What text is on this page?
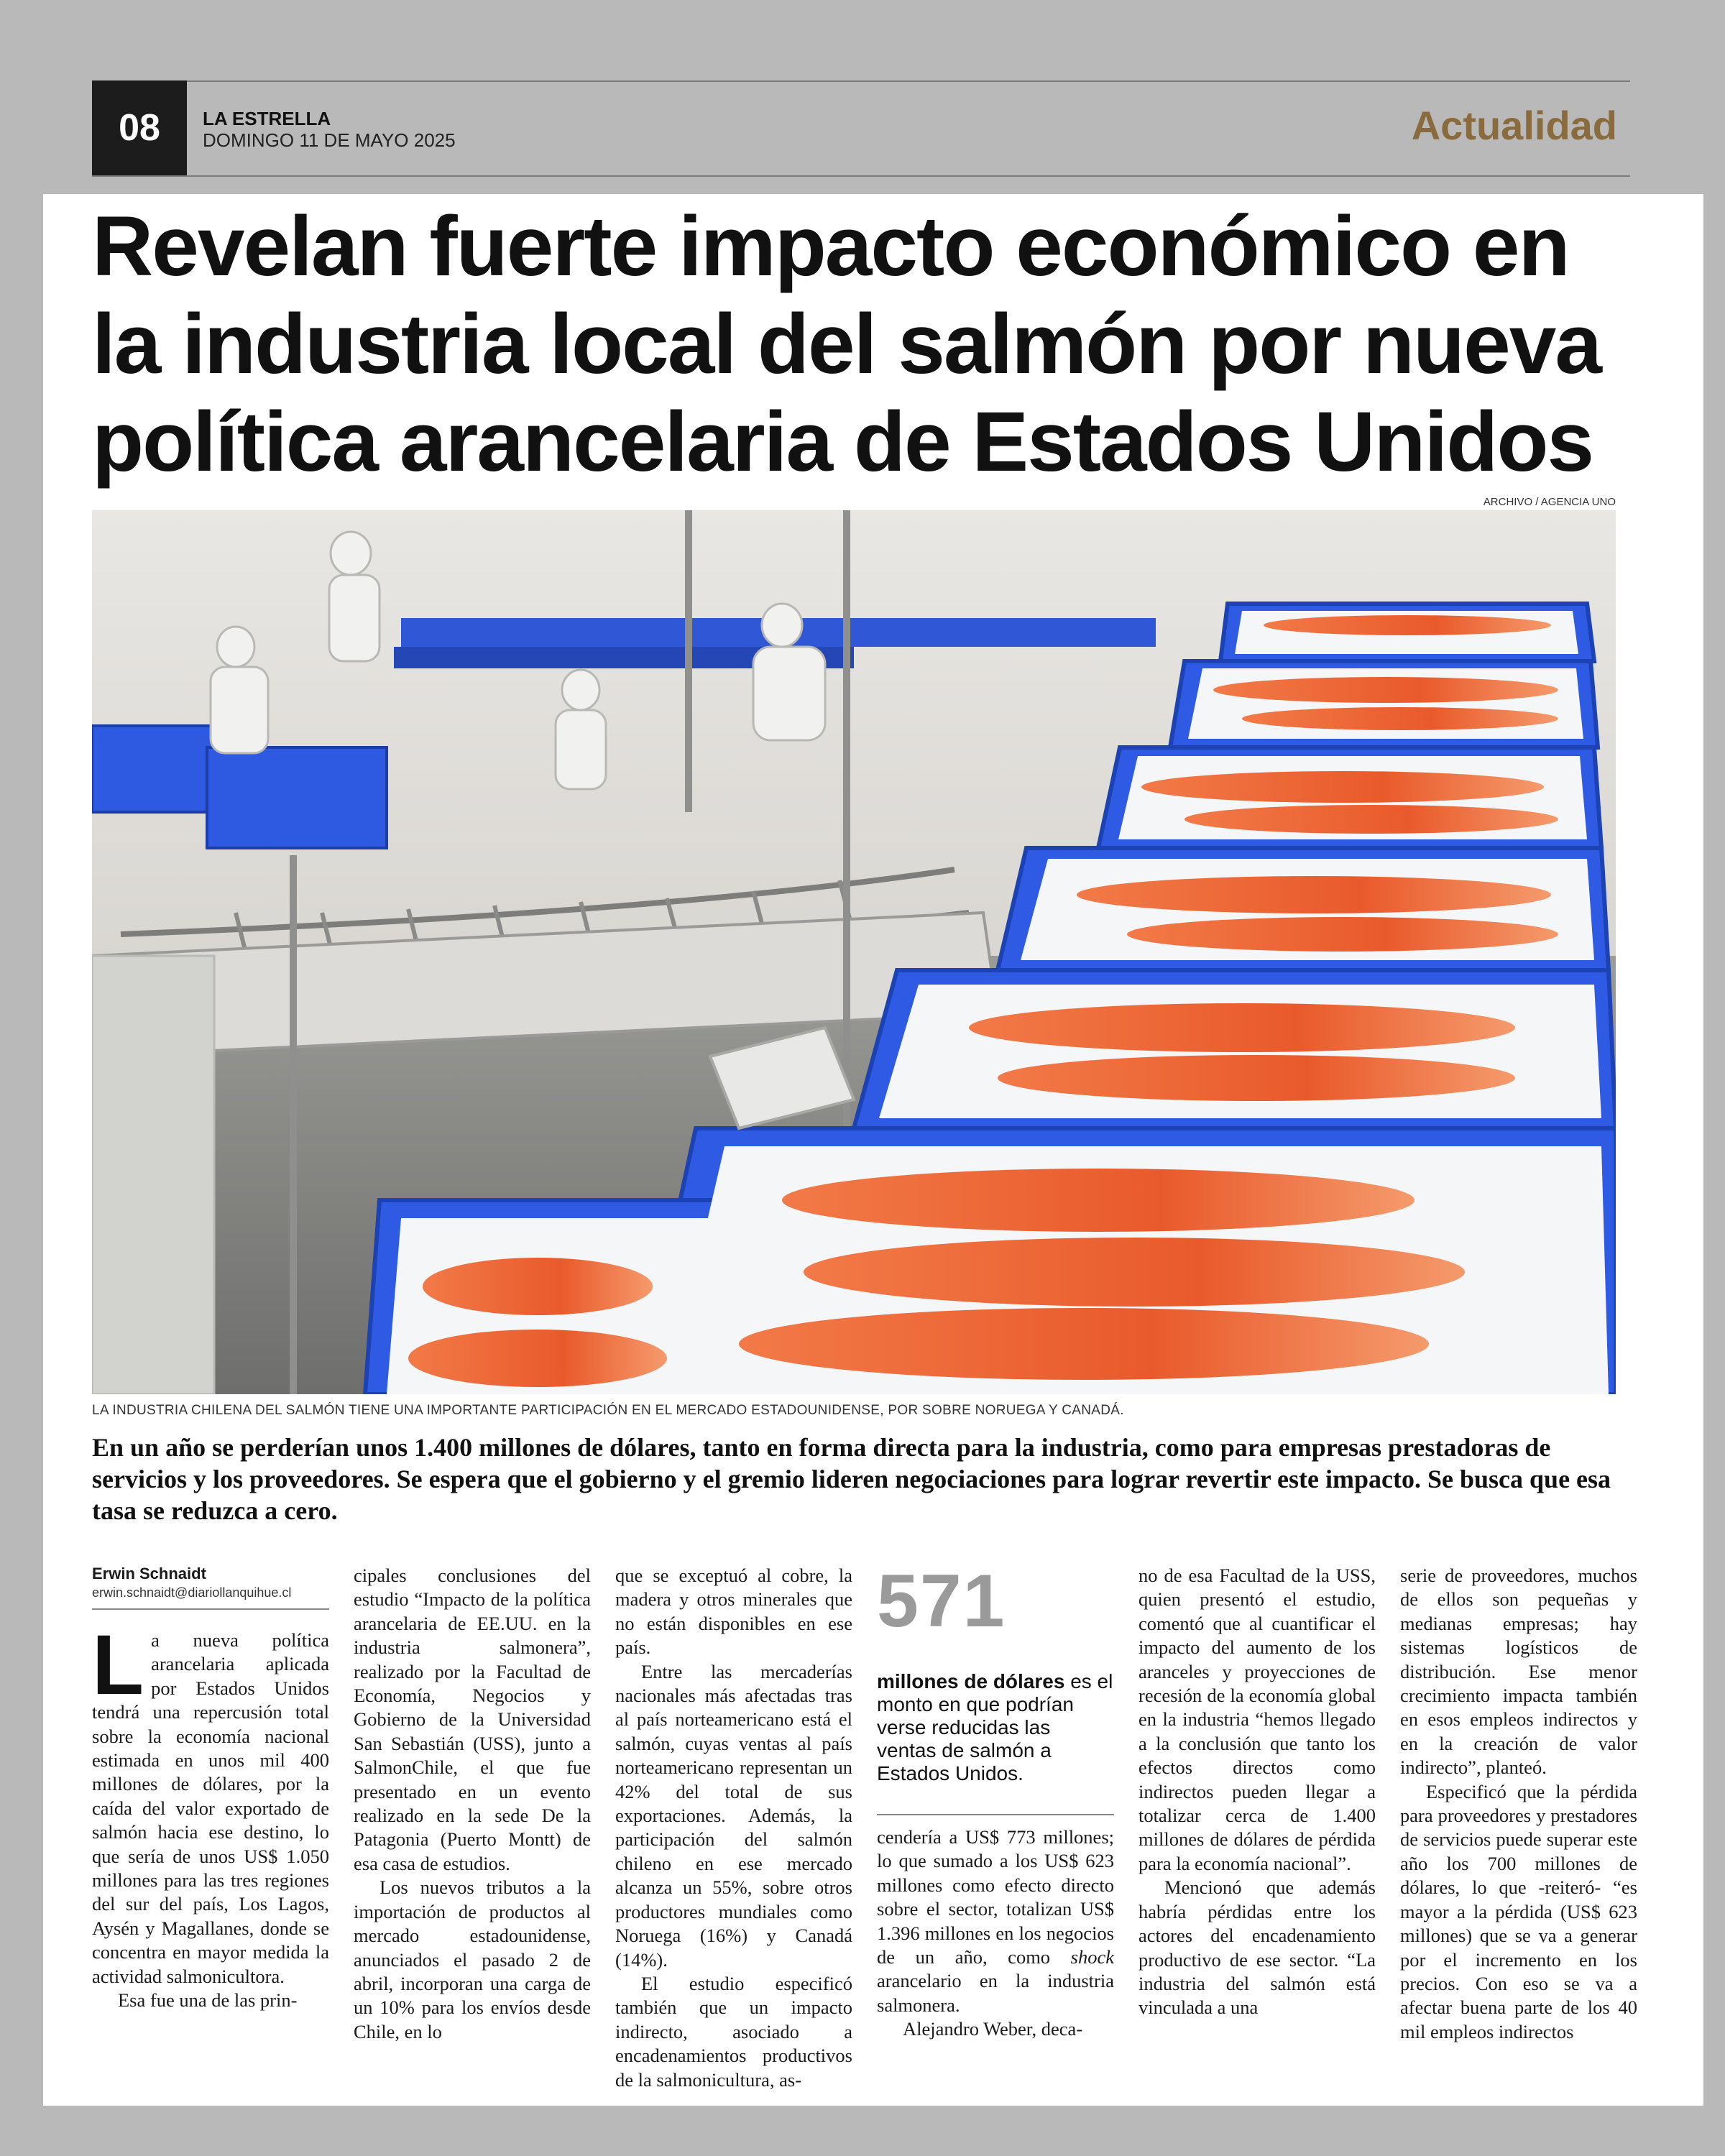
08	LA ESTRELLA
DOMINGO 11 DE MAYO 2025	Actualidad
Revelan fuerte impacto económico en la industria local del salmón por nueva política arancelaria de Estados Unidos
ARCHIVO / AGENCIA UNO
LA INDUSTRIA CHILENA DEL SALMÓN TIENE UNA IMPORTANTE PARTICIPACIÓN EN EL MERCADO ESTADOUNIDENSE, POR SOBRE NORUEGA Y CANADÁ.

En un año se perderían unos 1.400 millones de dólares, tanto en forma directa para la industria, como para empresas prestadoras de servicios y los proveedores. Se espera que el gobierno y el gremio lideren negociaciones para lograr revertir este impacto. Se busca que esa tasa se reduzca a cero.

Erwin Schnaidt
erwin.schnaidt@diariollanquihue.cl

La nueva política arancelaria aplicada por Estados Unidos tendrá una repercusión total sobre la economía nacional estimada en unos mil 400 millones de dólares, por la caída del valor exportado de salmón hacia ese destino, lo que sería de unos US$ 1.050 millones para las tres regiones del sur del país, Los Lagos, Aysén y Magallanes, donde se concentra en mayor medida la actividad salmonicultora.

Esa fue una de las prin-

cipales conclusiones del estudio “Impacto de la política arancelaria de EE.UU. en la industria salmonera”, realizado por la Facultad de Economía, Negocios y Gobierno de la Universidad San Sebastián (USS), junto a SalmonChile, el que fue presentado en un evento realizado en la sede De la Patagonia (Puerto Montt) de esa casa de estudios.

Los nuevos tributos a la importación de productos al mercado estadounidense, anunciados el pasado 2 de abril, incorporan una carga de un 10% para los envíos desde Chile, en lo

que se exceptuó al cobre, la madera y otros minerales que no están disponibles en ese país.

Entre las mercaderías nacionales más afectadas tras al país norteamericano está el salmón, cuyas ventas al país norteamericano representan un 42% del total de sus exportaciones. Además, la participación del salmón chileno en ese mercado alcanza un 55%, sobre otros productores mundiales como Noruega (16%) y Canadá (14%).

El estudio especificó también que un impacto indirecto, asociado a encadenamientos productivos de la salmonicultura, as-

571
millones de dólares es el monto en que podrían verse reducidas las ventas de salmón a Estados Unidos.

cendería a US$ 773 millones; lo que sumado a los US$ 623 millones como efecto directo sobre el sector, totalizan US$ 1.396 millones en los negocios de un año, como shock arancelario en la industria salmonera.

Alejandro Weber, deca-

no de esa Facultad de la USS, quien presentó el estudio, comentó que al cuantificar el impacto del aumento de los aranceles y proyecciones de recesión de la economía global en la industria “hemos llegado a la conclusión que tanto los efectos directos como indirectos pueden llegar a totalizar cerca de 1.400 millones de dólares de pérdida para la economía nacional”.

Mencionó que además habría pérdidas entre los actores del encadenamiento productivo de ese sector. “La industria del salmón está vinculada a una

serie de proveedores, muchos de ellos son pequeñas y medianas empresas; hay sistemas logísticos de distribución. Ese menor crecimiento impacta también en esos empleos indirectos y en la creación de valor indirecto”, planteó.

Especificó que la pérdida para proveedores y prestadores de servicios puede superar este año los 700 millones de dólares, lo que -reiteró- “es mayor a la pérdida (US$ 623 millones) que se va a generar por el incremento en los precios. Con eso se va a afectar buena parte de los 40 mil empleos indirectos
